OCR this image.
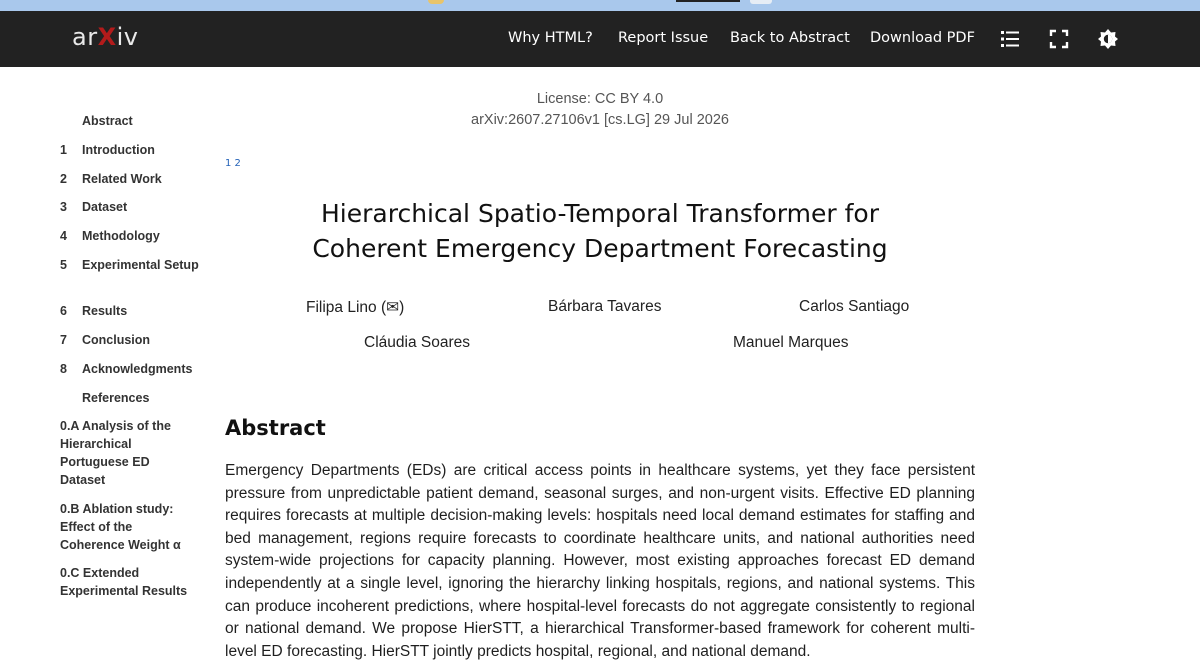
arXiv	Why HTML? Report Issue Back to Abstract Download PDF
Abstract
1 Introduction
2 Related Work
3 Dataset
4 Methodology
5 Experimental Setup
6 Results
7 Conclusion
8 Acknowledgments
References
0.A Analysis of the Hierarchical Portuguese ED Dataset
0.B Ablation study: Effect of the Coherence Weight α
0.C Extended Experimental Results
License: CC BY 4.0
arXiv:2607.27106v1 [cs.LG] 29 Jul 2026
1 2
Hierarchical Spatio-Temporal Transformer for Coherent Emergency Department Forecasting
Filipa Lino (✉)	Bárbara Tavares	Carlos Santiago
Cláudia Soares	Manuel Marques
Abstract

Emergency Departments (EDs) are critical access points in healthcare systems, yet they face persistent pressure from unpredictable patient demand, seasonal surges, and non-urgent visits. Effective ED planning requires forecasts at multiple decision-making levels: hospitals need local demand estimates for staffing and bed management, regions require forecasts to coordinate healthcare units, and national authorities need system-wide projections for capacity planning. However, most existing approaches forecast ED demand independently at a single level, ignoring the hierarchy linking hospitals, regions, and national systems. This can produce incoherent predictions, where hospital-level forecasts do not aggregate consistently to regional or national demand. We propose HierSTT, a hierarchical Transformer-based framework for coherent multi-level ED forecasting. HierSTT jointly predicts hospital, regional, and national demand.
